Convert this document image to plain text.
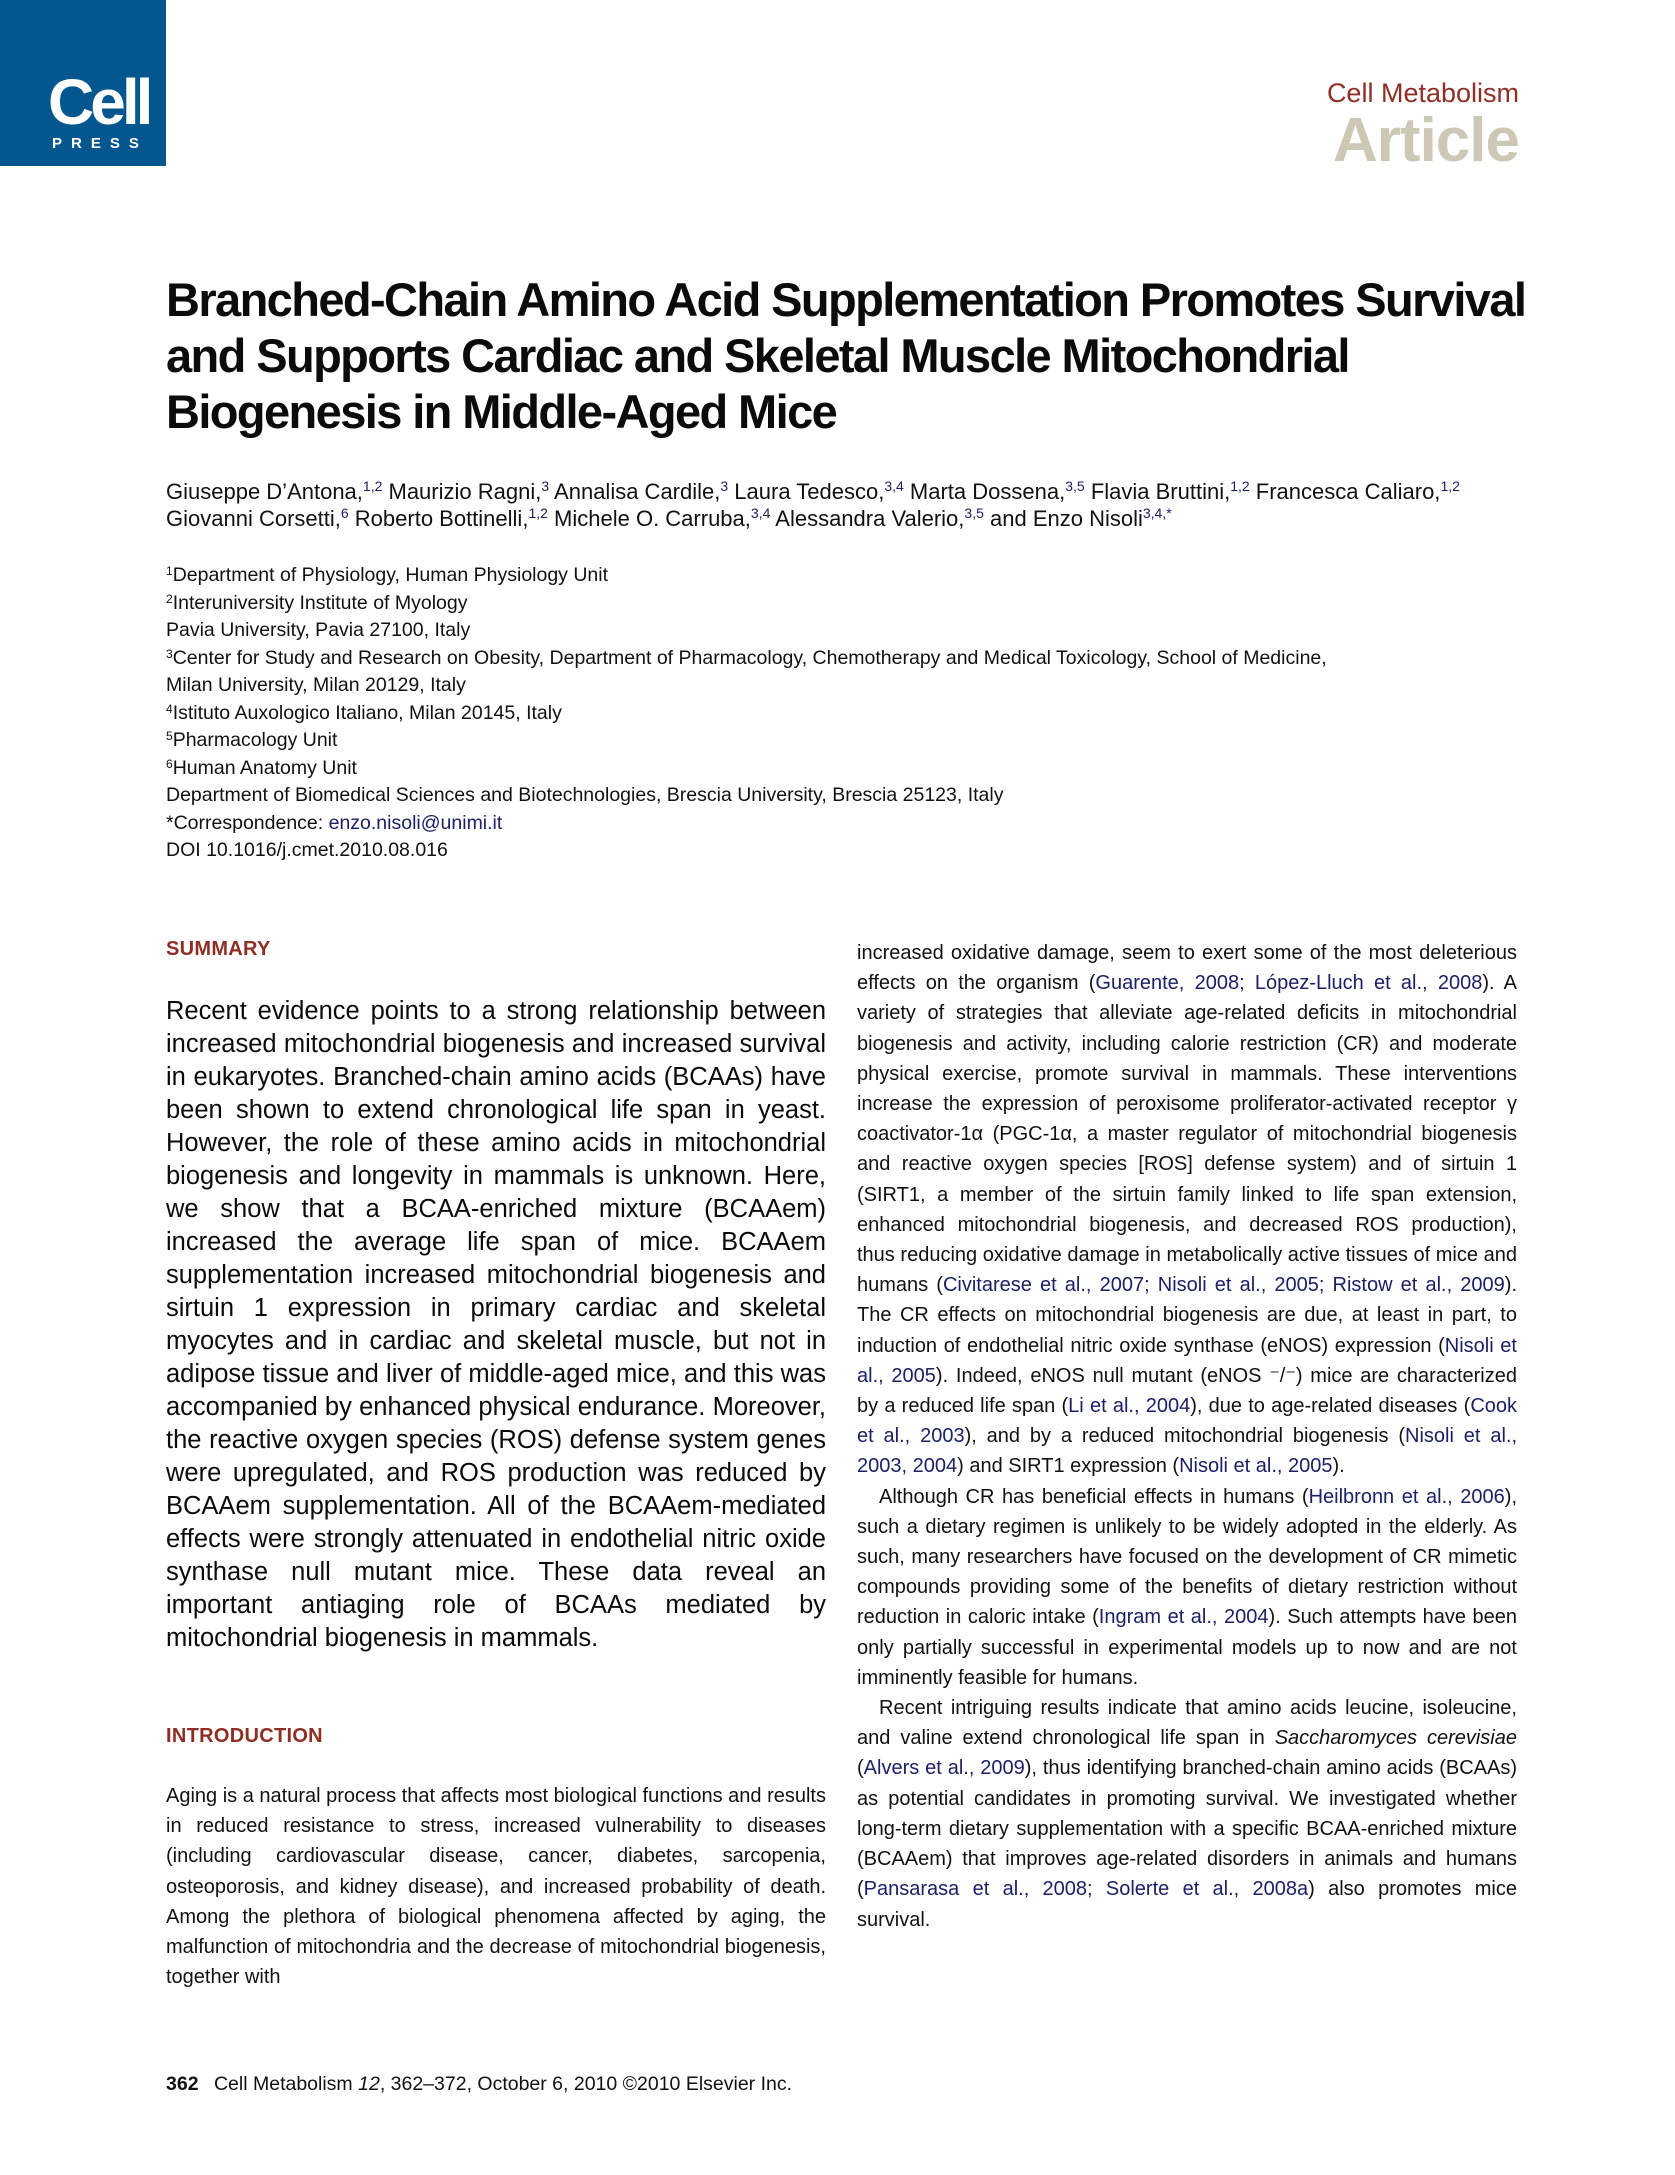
Cell
PRESS
Cell Metabolism
Article
Branched-Chain Amino Acid Supplementation Promotes Survival and Supports Cardiac and Skeletal Muscle Mitochondrial Biogenesis in Middle-Aged Mice
Giuseppe D’Antona,$^{1,2}$ Maurizio Ragni,$^3$ Annalisa Cardile,$^3$ Laura Tedesco,$^{3,4}$ Marta Dossena,$^{3,5}$ Flavia Bruttini,$^{1,2}$ Francesca Caliaro,$^{1,2}$ Giovanni Corsetti,$^6$ Roberto Bottinelli,$^{1,2}$ Michele O. Carruba,$^{3,4}$ Alessandra Valerio,$^{3,5}$ and Enzo Nisoli$^{3,4,*}$
$^1$Department of Physiology, Human Physiology Unit
$^2$Interuniversity Institute of Myology
Pavia University, Pavia 27100, Italy
$^3$Center for Study and Research on Obesity, Department of Pharmacology, Chemotherapy and Medical Toxicology, School of Medicine,
Milan University, Milan 20129, Italy
$^4$Istituto Auxologico Italiano, Milan 20145, Italy
$^5$Pharmacology Unit
$^6$Human Anatomy Unit
Department of Biomedical Sciences and Biotechnologies, Brescia University, Brescia 25123, Italy
*Correspondence: enzo.nisoli@unimi.it
DOI 10.1016/j.cmet.2010.08.016
SUMMARY
Recent evidence points to a strong relationship between increased mitochondrial biogenesis and increased survival in eukaryotes. Branched-chain amino acids (BCAAs) have been shown to extend chronological life span in yeast. However, the role of these amino acids in mitochondrial biogenesis and longevity in mammals is unknown. Here, we show that a BCAA-enriched mixture (BCAAem) increased the average life span of mice. BCAAem supplementation increased mitochondrial biogenesis and sirtuin 1 expression in primary cardiac and skeletal myocytes and in cardiac and skeletal muscle, but not in adipose tissue and liver of middle-aged mice, and this was accompanied by enhanced physical endurance. Moreover, the reactive oxygen species (ROS) defense system genes were upregulated, and ROS production was reduced by BCAAem supplementation. All of the BCAAem-mediated effects were strongly attenuated in endothelial nitric oxide synthase null mutant mice. These data reveal an important antiaging role of BCAAs mediated by mitochondrial biogenesis in mammals.
INTRODUCTION
Aging is a natural process that affects most biological functions and results in reduced resistance to stress, increased vulnerability to diseases (including cardiovascular disease, cancer, diabetes, sarcopenia, osteoporosis, and kidney disease), and increased probability of death. Among the plethora of biological phenomena affected by aging, the malfunction of mitochondria and the decrease of mitochondrial biogenesis, together with

increased oxidative damage, seem to exert some of the most deleterious effects on the organism (Guarente, 2008; López-Lluch et al., 2008). A variety of strategies that alleviate age-related deficits in mitochondrial biogenesis and activity, including calorie restriction (CR) and moderate physical exercise, promote survival in mammals. These interventions increase the expression of peroxisome proliferator-activated receptor γ coactivator-1α (PGC-1α, a master regulator of mitochondrial biogenesis and reactive oxygen species [ROS] defense system) and of sirtuin 1 (SIRT1, a member of the sirtuin family linked to life span extension, enhanced mitochondrial biogenesis, and decreased ROS production), thus reducing oxidative damage in metabolically active tissues of mice and humans (Civitarese et al., 2007; Nisoli et al., 2005; Ristow et al., 2009). The CR effects on mitochondrial biogenesis are due, at least in part, to induction of endothelial nitric oxide synthase (eNOS) expression (Nisoli et al., 2005). Indeed, eNOS null mutant (eNOS ⁻/⁻) mice are characterized by a reduced life span (Li et al., 2004), due to age-related diseases (Cook et al., 2003), and by a reduced mitochondrial biogenesis (Nisoli et al., 2003, 2004) and SIRT1 expression (Nisoli et al., 2005).

Although CR has beneficial effects in humans (Heilbronn et al., 2006), such a dietary regimen is unlikely to be widely adopted in the elderly. As such, many researchers have focused on the development of CR mimetic compounds providing some of the benefits of dietary restriction without reduction in caloric intake (Ingram et al., 2004). Such attempts have been only partially successful in experimental models up to now and are not imminently feasible for humans.

Recent intriguing results indicate that amino acids leucine, isoleucine, and valine extend chronological life span in Saccharomyces cerevisiae (Alvers et al., 2009), thus identifying branched-chain amino acids (BCAAs) as potential candidates in promoting survival. We investigated whether long-term dietary supplementation with a specific BCAA-enriched mixture (BCAAem) that improves age-related disorders in animals and humans (Pansarasa et al., 2008; Solerte et al., 2008a) also promotes mice survival.

362 Cell Metabolism 12, 362–372, October 6, 2010 ©2010 Elsevier Inc.
